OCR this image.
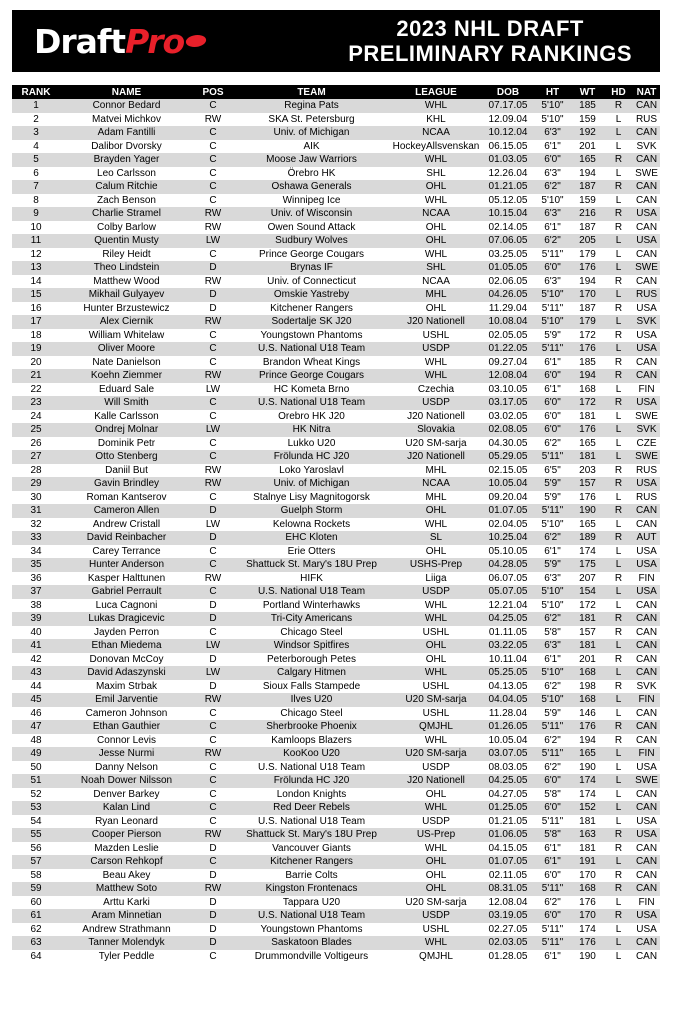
Draft Pro	2023 NHL DRAFT
PRELIMINARY RANKINGS
RANK	NAME	POS	TEAM	LEAGUE	DOB	HT	WT	HD	NAT
1	Connor Bedard	C	Regina Pats	WHL	07.17.05	5'10"	185	R	CAN
2	Matvei Michkov	RW	SKA St. Petersburg	KHL	12.09.04	5'10"	159	L	RUS
3	Adam Fantilli	C	Univ. of Michigan	NCAA	10.12.04	6'3"	192	L	CAN
4	Dalibor Dvorsky	C	AIK	HockeyAllsvenskan	06.15.05	6'1"	201	L	SVK
5	Brayden Yager	C	Moose Jaw Warriors	WHL	01.03.05	6'0"	165	R	CAN
6	Leo Carlsson	C	Örebro HK	SHL	12.26.04	6'3"	194	L	SWE
7	Calum Ritchie	C	Oshawa Generals	OHL	01.21.05	6'2"	187	R	CAN
8	Zach Benson	C	Winnipeg Ice	WHL	05.12.05	5'10"	159	L	CAN
9	Charlie Stramel	RW	Univ. of Wisconsin	NCAA	10.15.04	6'3"	216	R	USA
10	Colby Barlow	RW	Owen Sound Attack	OHL	02.14.05	6'1"	187	R	CAN
11	Quentin Musty	LW	Sudbury Wolves	OHL	07.06.05	6'2"	205	L	USA
12	Riley Heidt	C	Prince George Cougars	WHL	03.25.05	5'11"	179	L	CAN
13	Theo Lindstein	D	Brynas IF	SHL	01.05.05	6'0"	176	L	SWE
14	Matthew Wood	RW	Univ. of Connecticut	NCAA	02.06.05	6'3"	194	R	CAN
15	Mikhail Gulyayev	D	Omskie Yastreby	MHL	04.26.05	5'10"	170	L	RUS
16	Hunter Brzustewicz	D	Kitchener Rangers	OHL	11.29.04	5'11"	187	R	USA
17	Alex Ciernik	RW	Sodertalje SK J20	J20 Nationell	10.08.04	5'10"	179	L	SVK
18	William Whitelaw	C	Youngstown Phantoms	USHL	02.05.05	5'9"	172	R	USA
19	Oliver Moore	C	U.S. National U18 Team	USDP	01.22.05	5'11"	176	L	USA
20	Nate Danielson	C	Brandon Wheat Kings	WHL	09.27.04	6'1"	185	R	CAN
21	Koehn Ziemmer	RW	Prince George Cougars	WHL	12.08.04	6'0"	194	R	CAN
22	Eduard Sale	LW	HC Kometa Brno	Czechia	03.10.05	6'1"	168	L	FIN
23	Will Smith	C	U.S. National U18 Team	USDP	03.17.05	6'0"	172	R	USA
24	Kalle Carlsson	C	Orebro HK J20	J20 Nationell	03.02.05	6'0"	181	L	SWE
25	Ondrej Molnar	LW	HK Nitra	Slovakia	02.08.05	6'0"	176	L	SVK
26	Dominik Petr	C	Lukko U20	U20 SM-sarja	04.30.05	6'2"	165	L	CZE
27	Otto Stenberg	C	Frölunda HC J20	J20 Nationell	05.29.05	5'11"	181	L	SWE
28	Daniil But	RW	Loko Yaroslavl	MHL	02.15.05	6'5"	203	R	RUS
29	Gavin Brindley	RW	Univ. of Michigan	NCAA	10.05.04	5'9"	157	R	USA
30	Roman Kantserov	C	Stalnye Lisy Magnitogorsk	MHL	09.20.04	5'9"	176	L	RUS
31	Cameron Allen	D	Guelph Storm	OHL	01.07.05	5'11"	190	R	CAN
32	Andrew Cristall	LW	Kelowna Rockets	WHL	02.04.05	5'10"	165	L	CAN
33	David Reinbacher	D	EHC Kloten	SL	10.25.04	6'2"	189	R	AUT
34	Carey Terrance	C	Erie Otters	OHL	05.10.05	6'1"	174	L	USA
35	Hunter Anderson	C	Shattuck St. Mary's 18U Prep	USHS-Prep	04.28.05	5'9"	175	L	USA
36	Kasper Halttunen	RW	HIFK	Liiga	06.07.05	6'3"	207	R	FIN
37	Gabriel Perrault	C	U.S. National U18 Team	USDP	05.07.05	5'10"	154	L	USA
38	Luca Cagnoni	D	Portland Winterhawks	WHL	12.21.04	5'10"	172	L	CAN
39	Lukas Dragicevic	D	Tri-City Americans	WHL	04.25.05	6'2"	181	R	CAN
40	Jayden Perron	C	Chicago Steel	USHL	01.11.05	5'8"	157	R	CAN
41	Ethan Miedema	LW	Windsor Spitfires	OHL	03.22.05	6'3"	181	L	CAN
42	Donovan McCoy	D	Peterborough Petes	OHL	10.11.04	6'1"	201	R	CAN
43	David Adaszynski	LW	Calgary Hitmen	WHL	05.25.05	5'10"	168	L	CAN
44	Maxim Strbak	D	Sioux Falls Stampede	USHL	04.13.05	6'2"	198	R	SVK
45	Emil Jarventie	RW	Ilves U20	U20 SM-sarja	04.04.05	5'10"	168	L	FIN
46	Cameron Johnson	C	Chicago Steel	USHL	11.28.04	5'9"	146	L	CAN
47	Ethan Gauthier	C	Sherbrooke Phoenix	QMJHL	01.26.05	5'11"	176	R	CAN
48	Connor Levis	C	Kamloops Blazers	WHL	10.05.04	6'2"	194	R	CAN
49	Jesse Nurmi	RW	KooKoo U20	U20 SM-sarja	03.07.05	5'11"	165	L	FIN
50	Danny Nelson	C	U.S. National U18 Team	USDP	08.03.05	6'2"	190	L	USA
51	Noah Dower Nilsson	C	Frölunda HC J20	J20 Nationell	04.25.05	6'0"	174	L	SWE
52	Denver Barkey	C	London Knights	OHL	04.27.05	5'8"	174	L	CAN
53	Kalan Lind	C	Red Deer Rebels	WHL	01.25.05	6'0"	152	L	CAN
54	Ryan Leonard	C	U.S. National U18 Team	USDP	01.21.05	5'11"	181	L	USA
55	Cooper Pierson	RW	Shattuck St. Mary's 18U Prep	US-Prep	01.06.05	5'8"	163	R	USA
56	Mazden Leslie	D	Vancouver Giants	WHL	04.15.05	6'1"	181	R	CAN
57	Carson Rehkopf	C	Kitchener Rangers	OHL	01.07.05	6'1"	191	L	CAN
58	Beau Akey	D	Barrie Colts	OHL	02.11.05	6'0"	170	R	CAN
59	Matthew Soto	RW	Kingston Frontenacs	OHL	08.31.05	5'11"	168	R	CAN
60	Arttu Karki	D	Tappara U20	U20 SM-sarja	12.08.04	6'2"	176	L	FIN
61	Aram Minnetian	D	U.S. National U18 Team	USDP	03.19.05	6'0"	170	R	USA
62	Andrew Strathmann	D	Youngstown Phantoms	USHL	02.27.05	5'11"	174	L	USA
63	Tanner Molendyk	D	Saskatoon Blades	WHL	02.03.05	5'11"	176	L	CAN
64	Tyler Peddle	C	Drummondville Voltigeurs	QMJHL	01.28.05	6'1"	190	L	CAN
